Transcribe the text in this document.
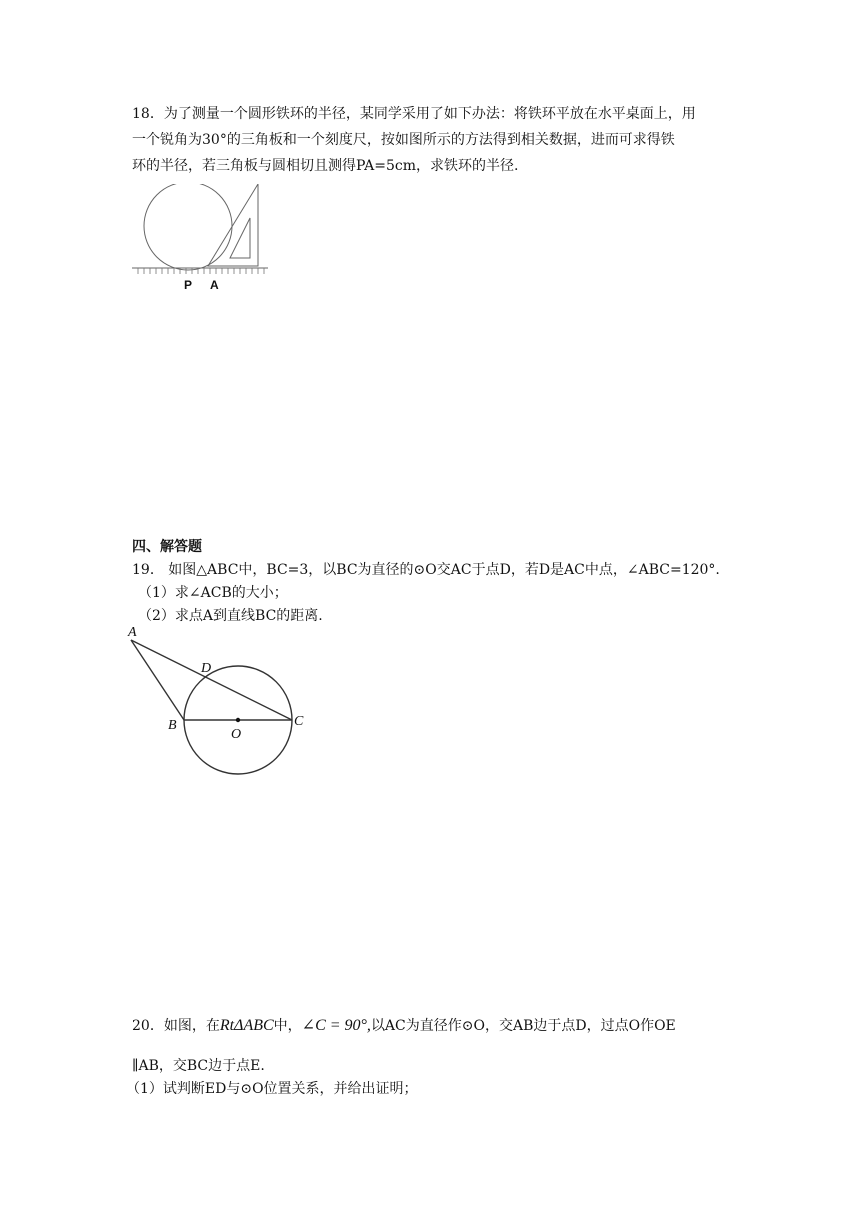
18．为了测量一个圆形铁环的半径，某同学采用了如下办法：将铁环平放在水平桌面上，用
一个锐角为30°的三角板和一个刻度尺，按如图所示的方法得到相关数据，进而可求得铁
环的半径，若三角板与圆相切且测得PA=5cm，求铁环的半径.
P A
四、解答题
19． 如图△ABC中，BC=3，以BC为直径的⊙O交AC于点D，若D是AC中点，∠ABC=120°.
（1）求∠ACB的大小；
（2）求点A到直线BC的距离.
A
D
B	C
O
20．如图，在RtΔABC中，∠C = 90°,以AC为直径作⊙O，交AB边于点D，过点O作OE
∥AB，交BC边于点E.
（1）试判断ED与⊙O位置关系，并给出证明；
